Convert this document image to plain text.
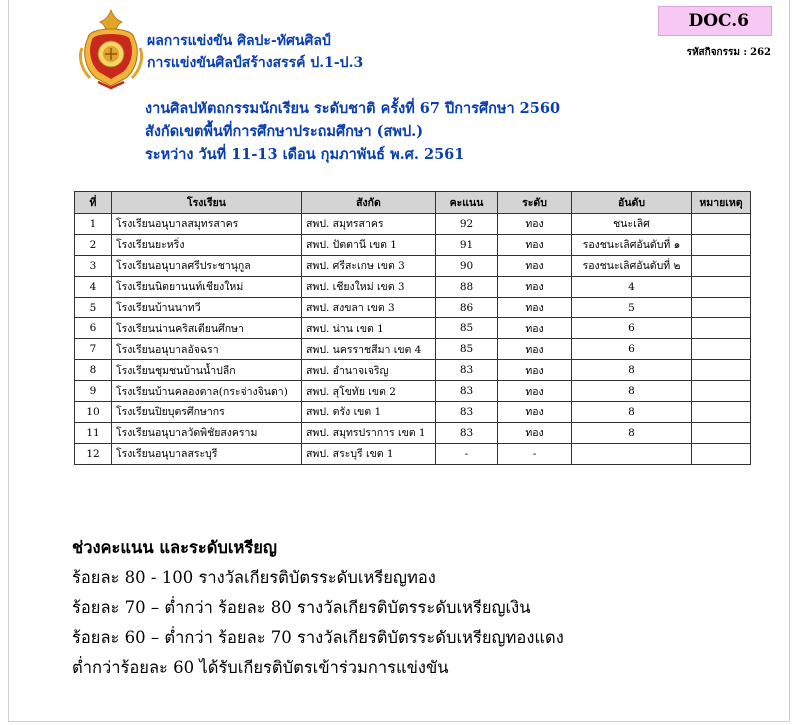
ผลการแข่งขัน ศิลปะ-ทัศนศิลป์
การแข่งขันศิลป์สร้างสรรค์ ป.1-ป.3
DOC.6
รหัสกิจกรรม : 262
งานศิลปหัตถกรรมนักเรียน ระดับชาติ ครั้งที่ 67 ปีการศึกษา 2560
สังกัดเขตพื้นที่การศึกษาประถมศึกษา (สพป.)
ระหว่าง วันที่ 11-13 เดือน กุมภาพันธ์ พ.ศ. 2561
ที่	โรงเรียน	สังกัด	คะแนน	ระดับ	อันดับ	หมายเหตุ
1	โรงเรียนอนุบาลสมุทรสาคร	สพป. สมุทรสาคร	92	ทอง	ชนะเลิศ	
2	โรงเรียนยะหริ่ง	สพป. ปัตตานี เขต 1	91	ทอง	รองชนะเลิศอันดับที่ ๑	
3	โรงเรียนอนุบาลศรีประชานุกูล	สพป. ศรีสะเกษ เขต 3	90	ทอง	รองชนะเลิศอันดับที่ ๒	
4	โรงเรียนนิตยานนท์เชียงใหม่	สพป. เชียงใหม่ เขต 3	88	ทอง	4	
5	โรงเรียนบ้านนาทวี	สพป. สงขลา เขต 3	86	ทอง	5	
6	โรงเรียนน่านคริสเตียนศึกษา	สพป. น่าน เขต 1	85	ทอง	6	
7	โรงเรียนอนุบาลอัจฉรา	สพป. นครราชสีมา เขต 4	85	ทอง	6	
8	โรงเรียนชุมชนบ้านน้ำปลีก	สพป. อำนาจเจริญ	83	ทอง	8	
9	โรงเรียนบ้านคลองตาล(กระจ่างจินดา)	สพป. สุโขทัย เขต 2	83	ทอง	8	
10	โรงเรียนปิยบุตรศึกษากร	สพป. ตรัง เขต 1	83	ทอง	8	
11	โรงเรียนอนุบาลวัดพิชัยสงคราม	สพป. สมุทรปราการ เขต 1	83	ทอง	8	
12	โรงเรียนอนุบาลสระบุรี	สพป. สระบุรี เขต 1	-	-		
ช่วงคะแนน และระดับเหรียญ
ร้อยละ 80 - 100 รางวัลเกียรติบัตรระดับเหรียญทอง
ร้อยละ 70 – ต่ำกว่า ร้อยละ 80 รางวัลเกียรติบัตรระดับเหรียญเงิน
ร้อยละ 60 – ต่ำกว่า ร้อยละ 70 รางวัลเกียรติบัตรระดับเหรียญทองแดง
ต่ำกว่าร้อยละ 60 ได้รับเกียรติบัตรเข้าร่วมการแข่งขัน
